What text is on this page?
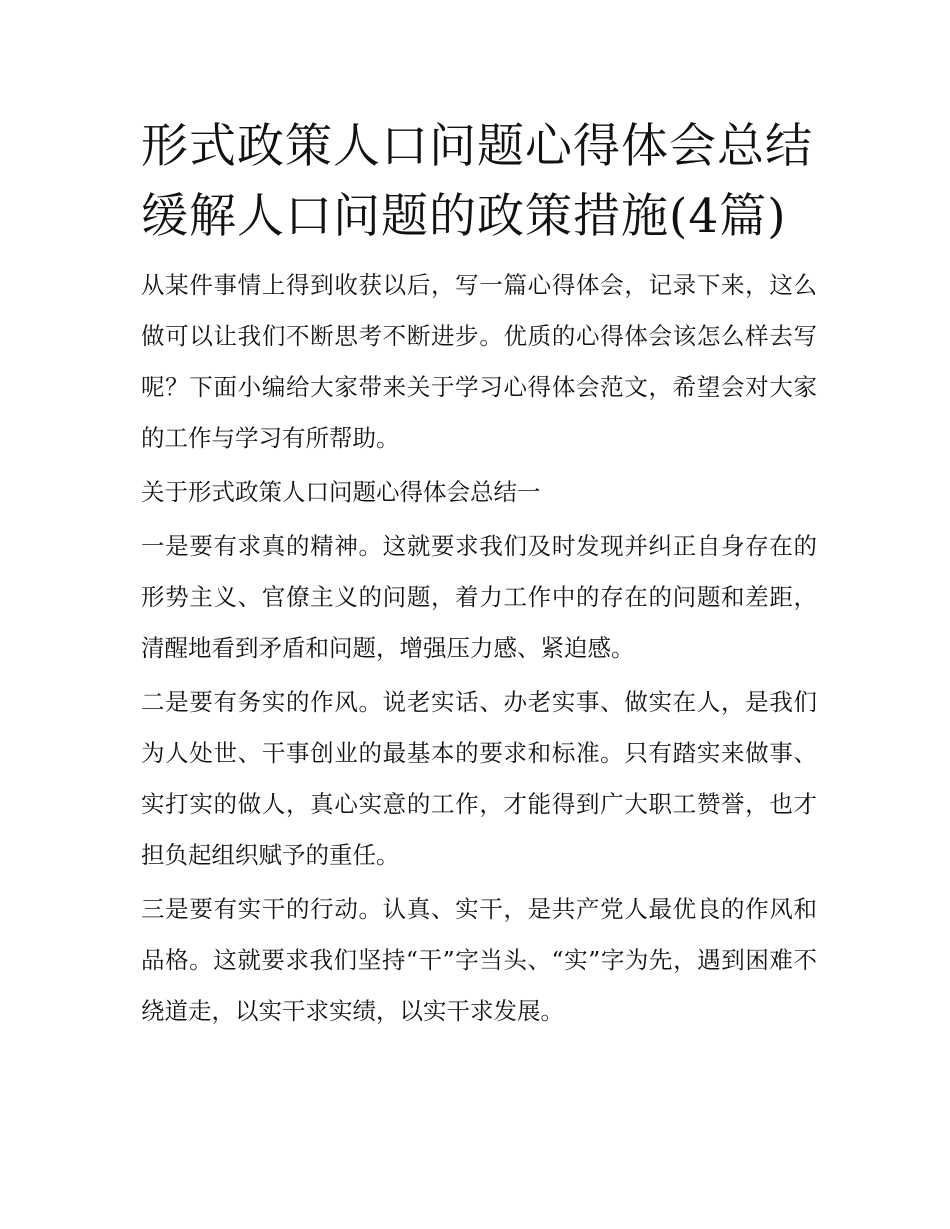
形式政策人口问题心得体会总结 缓解人口问题的政策措施(4篇)

从某件事情上得到收获以后，写一篇心得体会，记录下来，这么做可以让我们不断思考不断进步。优质的心得体会该怎么样去写呢？下面小编给大家带来关于学习心得体会范文，希望会对大家的工作与学习有所帮助。

关于形式政策人口问题心得体会总结一

一是要有求真的精神。这就要求我们及时发现并纠正自身存在的形势主义、官僚主义的问题，着力工作中的存在的问题和差距，清醒地看到矛盾和问题，增强压力感、紧迫感。

二是要有务实的作风。说老实话、办老实事、做实在人，是我们为人处世、干事创业的最基本的要求和标准。只有踏实来做事、实打实的做人，真心实意的工作，才能得到广大职工赞誉，也才担负起组织赋予的重任。

三是要有实干的行动。认真、实干，是共产党人最优良的作风和品格。这就要求我们坚持“干”字当头、“实”字为先，遇到困难不绕道走，以实干求实绩，以实干求发展。
